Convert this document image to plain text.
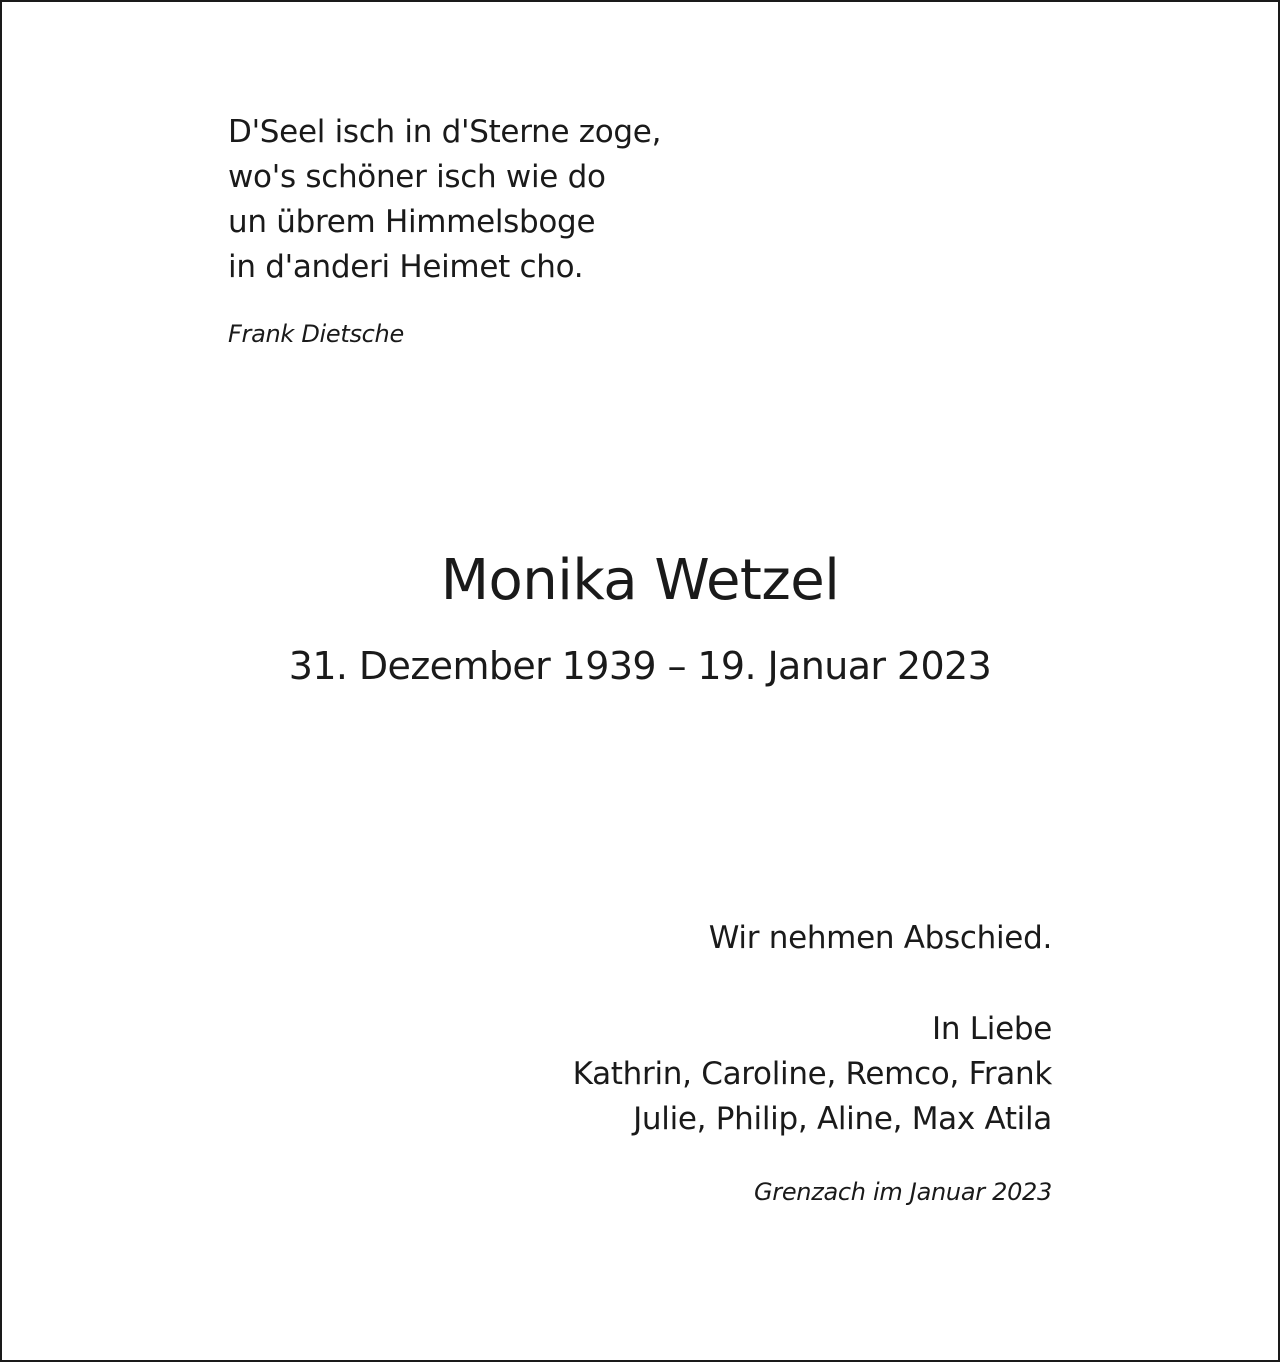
D'Seel isch in d'Sterne zoge,
wo's schöner isch wie do
un übrem Himmelsboge
in d'anderi Heimet cho.
Frank Dietsche
Monika Wetzel
31. Dezember 1939 – 19. Januar 2023
Wir nehmen Abschied.
In Liebe
Kathrin, Caroline, Remco, Frank
Julie, Philip, Aline, Max Atila
Grenzach im Januar 2023
